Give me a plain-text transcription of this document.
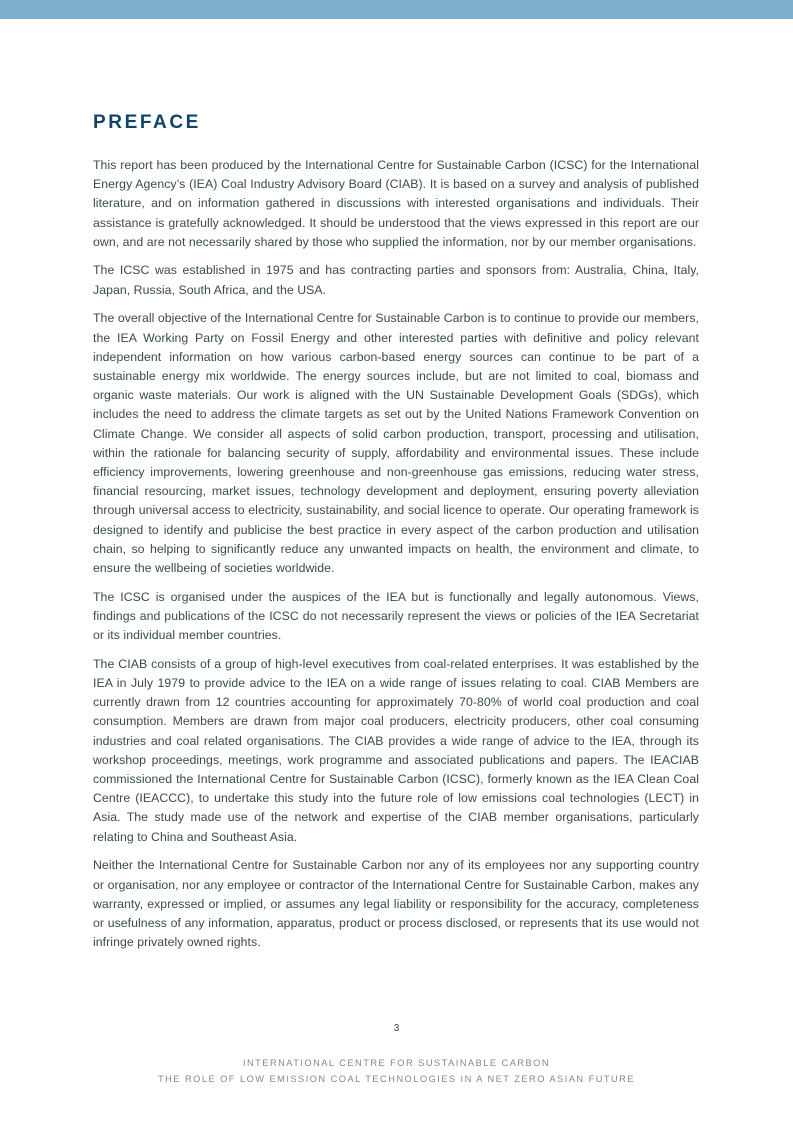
PREFACE

This report has been produced by the International Centre for Sustainable Carbon (ICSC) for the International Energy Agency’s (IEA) Coal Industry Advisory Board (CIAB). It is based on a survey and analysis of published literature, and on information gathered in discussions with interested organisations and individuals. Their assistance is gratefully acknowledged. It should be understood that the views expressed in this report are our own, and are not necessarily shared by those who supplied the information, nor by our member organisations.

The ICSC was established in 1975 and has contracting parties and sponsors from: Australia, China, Italy, Japan, Russia, South Africa, and the USA.

The overall objective of the International Centre for Sustainable Carbon is to continue to provide our members, the IEA Working Party on Fossil Energy and other interested parties with definitive and policy relevant independent information on how various carbon-based energy sources can continue to be part of a sustainable energy mix worldwide. The energy sources include, but are not limited to coal, biomass and organic waste materials. Our work is aligned with the UN Sustainable Development Goals (SDGs), which includes the need to address the climate targets as set out by the United Nations Framework Convention on Climate Change. We consider all aspects of solid carbon production, transport, processing and utilisation, within the rationale for balancing security of supply, affordability and environmental issues. These include efficiency improvements, lowering greenhouse and non-greenhouse gas emissions, reducing water stress, financial resourcing, market issues, technology development and deployment, ensuring poverty alleviation through universal access to electricity, sustainability, and social licence to operate. Our operating framework is designed to identify and publicise the best practice in every aspect of the carbon production and utilisation chain, so helping to significantly reduce any unwanted impacts on health, the environment and climate, to ensure the wellbeing of societies worldwide.

The ICSC is organised under the auspices of the IEA but is functionally and legally autonomous. Views, findings and publications of the ICSC do not necessarily represent the views or policies of the IEA Secretariat or its individual member countries.

The CIAB consists of a group of high-level executives from coal-related enterprises. It was established by the IEA in July 1979 to provide advice to the IEA on a wide range of issues relating to coal. CIAB Members are currently drawn from 12 countries accounting for approximately 70-80% of world coal production and coal consumption. Members are drawn from major coal producers, electricity producers, other coal consuming industries and coal related organisations. The CIAB provides a wide range of advice to the IEA, through its workshop proceedings, meetings, work programme and associated publications and papers. The IEACIAB commissioned the International Centre for Sustainable Carbon (ICSC), formerly known as the IEA Clean Coal Centre (IEACCC), to undertake this study into the future role of low emissions coal technologies (LECT) in Asia. The study made use of the network and expertise of the CIAB member organisations, particularly relating to China and Southeast Asia.

Neither the International Centre for Sustainable Carbon nor any of its employees nor any supporting country or organisation, nor any employee or contractor of the International Centre for Sustainable Carbon, makes any warranty, expressed or implied, or assumes any legal liability or responsibility for the accuracy, completeness or usefulness of any information, apparatus, product or process disclosed, or represents that its use would not infringe privately owned rights.

3
INTERNATIONAL CENTRE FOR SUSTAINABLE CARBON
THE ROLE OF LOW EMISSION COAL TECHNOLOGIES IN A NET ZERO ASIAN FUTURE
